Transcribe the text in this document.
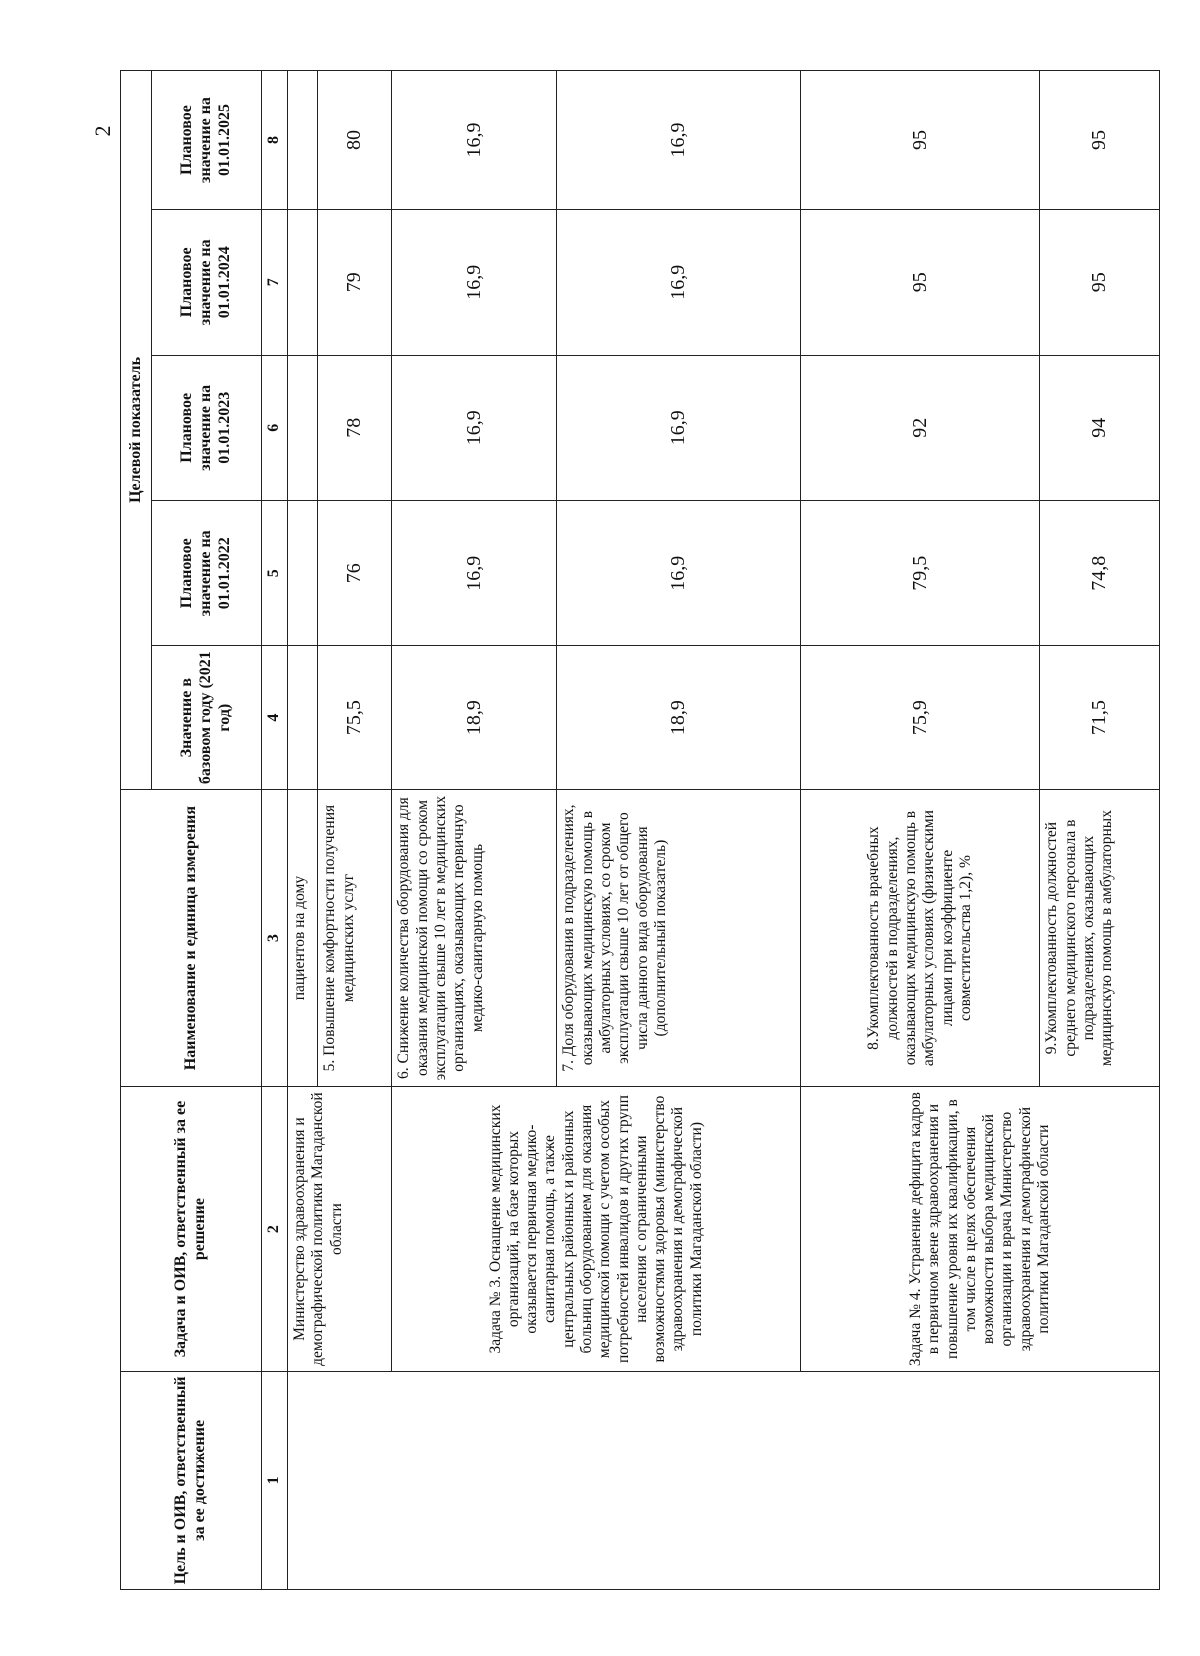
2
Цель и ОИВ, ответственный за ее достижение	Задача и ОИВ, ответственный за ее решение	Наименование и единица измерения	Целевой показатель				
			Значение в базовом году (2021 год)	Плановое значение на 01.01.2022	Плановое значение на 01.01.2023	Плановое значение на 01.01.2024	Плановое значение на 01.01.2025
1	2	3	4	5	6	7	8
	Министерство здравоохранения и демографической политики Магаданской области	пациентов на дому					
		5. Повышение комфортности получения медицинских услуг	75,5	76	78	79	80
	Задача № 3. Оснащение медицинских организаций, на базе которых оказывается первичная медико-санитарная помощь, а также центральных районных и районных больниц оборудованием для оказания медицинской помощи с учетом особых потребностей инвалидов и других групп населения с ограниченными возможностями здоровья (министерство здравоохранения и демографической политики Магаданской области)	6. Снижение количества оборудования для оказания медицинской помощи со сроком эксплуатации свыше 10 лет в медицинских организациях, оказывающих первичную медико-санитарную помощь	18,9	16,9	16,9	16,9	16,9
		7. Доля оборудования в подразделениях, оказывающих медицинскую помощь в амбулаторных условиях, со сроком эксплуатации свыше 10 лет от общего числа данного вида оборудования (дополнительный показатель)	18,9	16,9	16,9	16,9	16,9
	Задача № 4. Устранение дефицита кадров в первичном звене здравоохранения и повышение уровня их квалификации, в том числе в целях обеспечения возможности выбора медицинской организации и врача Министерство здравоохранения и демографической политики Магаданской области	8.Укомплектованность врачебных должностей в подразделениях, оказывающих медицинскую помощь в амбулаторных условиях (физическими лицами при коэффициенте совместительства 1,2), %	75,9	79,5	92	95	95
		9.Укомплектованность должностей среднего медицинского персонала в подразделениях, оказывающих медицинскую помощь в амбулаторных	71,5	74,8	94	95	95
